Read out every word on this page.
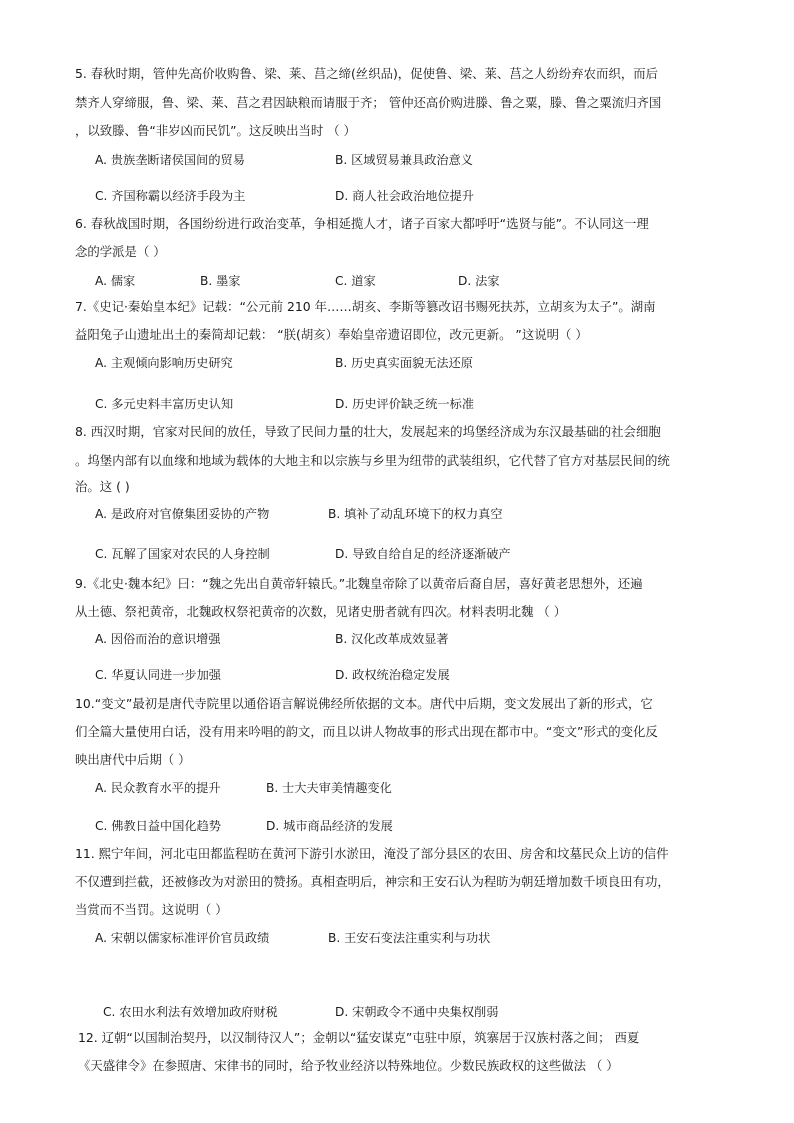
5. 春秋时期，管仲先高价收购鲁、梁、莱、莒之缔(丝织品)，促使鲁、梁、莱、莒之人纷纷弃农而织，而后
禁齐人穿缔服，鲁、梁、莱、莒之君因缺粮而请服于齐； 管仲还高价购进滕、鲁之粟，滕、鲁之粟流归齐国
，以致滕、鲁“非岁凶而民饥”。这反映出当时 （ ）
A. 贵族垄断诸侯国间的贸易	B. 区域贸易兼具政治意义
C. 齐国称霸以经济手段为主	D. 商人社会政治地位提升
6. 春秋战国时期，各国纷纷进行政治变革，争相延揽人才，诸子百家大都呼吁“选贤与能”。不认同这一理
念的学派是（ ）
A. 儒家	B. 墨家	C. 道家	D. 法家
7.《史记·秦始皇本纪》记载：“公元前 210 年……胡亥、李斯等篡改诏书赐死扶苏，立胡亥为太子”。湖南
益阳兔子山遗址出土的秦简却记载： “朕(胡亥）奉始皇帝遗诏即位，改元更新。 ”这说明（ ）
A. 主观倾向影响历史研究	B. 历史真实面貌无法还原
C. 多元史料丰富历史认知	D. 历史评价缺乏统一标准
8. 西汉时期，官家对民间的放任，导致了民间力量的壮大，发展起来的坞堡经济成为东汉最基础的社会细胞
。坞堡内部有以血缘和地域为载体的大地主和以宗族与乡里为纽带的武装组织，它代替了官方对基层民间的统
治。这 ( )
A. 是政府对官僚集团妥协的产物	B. 填补了动乱环境下的权力真空
C. 瓦解了国家对农民的人身控制	D. 导致自给自足的经济逐渐破产
9.《北史·魏本纪》曰：“魏之先出自黄帝轩辕氏。”北魏皇帝除了以黄帝后裔自居，喜好黄老思想外，还遍
从土德、祭祀黄帝，北魏政权祭祀黄帝的次数，见诸史册者就有四次。材料表明北魏 （ ）
A. 因俗而治的意识增强	B. 汉化改革成效显著
C. 华夏认同进一步加强	D. 政权统治稳定发展
10.“变文”最初是唐代寺院里以通俗语言解说佛经所依据的文本。唐代中后期，变文发展出了新的形式，它
们全篇大量使用白话，没有用来吟唱的韵文，而且以讲人物故事的形式出现在都市中。“变文”形式的变化反
映出唐代中后期（ ）
A. 民众教育水平的提升	B. 士大夫审美情趣变化
C. 佛教日益中国化趋势	D. 城市商品经济的发展
11. 熙宁年间，河北屯田都监程昉在黄河下游引水淤田，淹没了部分县区的农田、房舍和坟墓民众上访的信件
不仅遭到拦截，还被修改为对淤田的赞扬。真相查明后，神宗和王安石认为程昉为朝廷增加数千顷良田有功，
当赏而不当罚。这说明（ ）
A. 宋朝以儒家标准评价官员政绩	B. 王安石变法注重实利与功状
C. 农田水利法有效增加政府财税	D. 宋朝政令不通中央集权削弱
12. 辽朝“以国制治契丹，以汉制待汉人”；金朝以“猛安谋克”屯驻中原，筑寨居于汉族村落之间； 西夏
《天盛律令》在参照唐、宋律书的同时，给予牧业经济以特殊地位。少数民族政权的这些做法 （ ）
